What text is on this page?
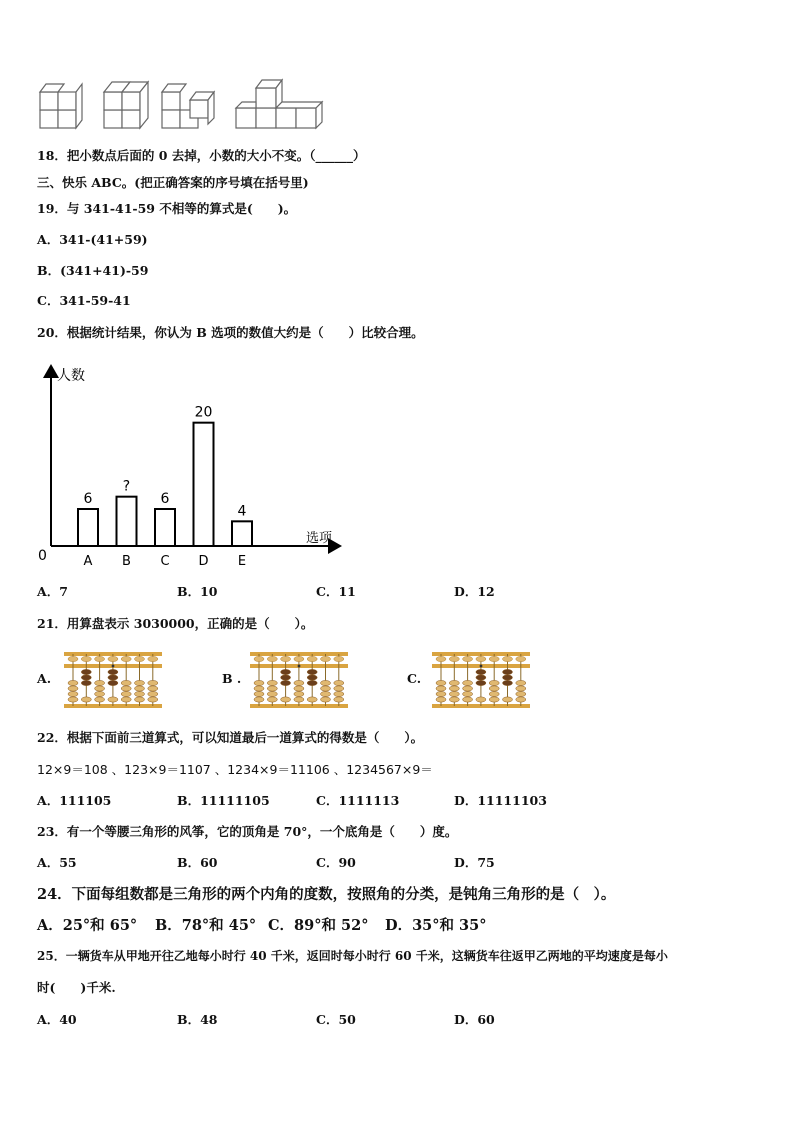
18．把小数点后面的 0 去掉，小数的大小不变。（______）
三、快乐 ABC。(把正确答案的序号填在括号里)
19．与 341-41-59 不相等的算式是(　　)。
A．341-(41+59)
B．(341+41)-59
C．341-59-41
20．根据统计结果，你认为 B 选项的数值大约是（　　）比较合理。
人数
选项
0
6
A
?
B
6
C
20
D
4
E
A．7	B．10	C．11	D．12
21．用算盘表示 3030000，正确的是（　　）。
A.	B .	C.
22．根据下面前三道算式，可以知道最后一道算式的得数是（　　）。
12×9＝108 、123×9＝1107 、1234×9＝11106 、1234567×9＝
A．111105	B．11111105	C．1111113	D．11111103
23．有一个等腰三角形的风筝，它的顶角是 70°，一个底角是（　　）度。
A．55	B．60	C．90	D．75
24．下面每组数都是三角形的两个内角的度数，按照角的分类，是钝角三角形的是（　）。
A．25°和 65° B．78°和 45° C．89°和 52° D．35°和 35°
25．一辆货车从甲地开往乙地每小时行 40 千米，返回时每小时行 60 千米，这辆货车往返甲乙两地的平均速度是每小
时(　　)千米.
A．40	B．48	C．50	D．60
